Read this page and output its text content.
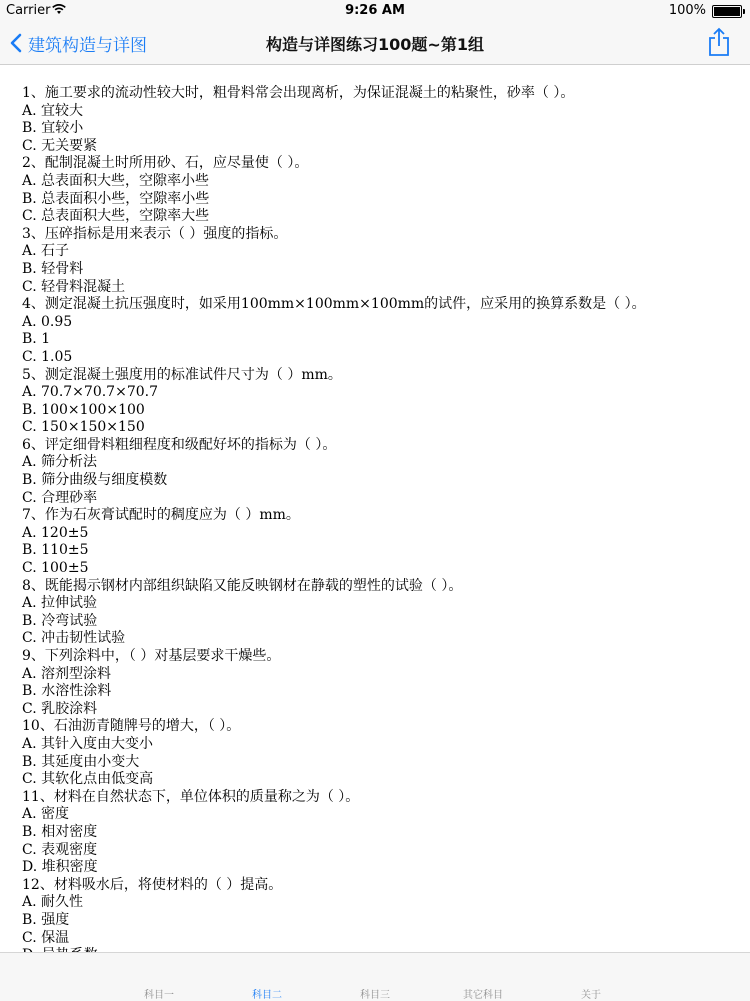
Carrier	9:26 AM	100%
建筑构造与详图	构造与详图练习100题~第1组
1、施工要求的流动性较大时，粗骨料常会出现离析，为保证混凝土的粘聚性，砂率（ ）。
A. 宜较大
B. 宜较小
C. 无关要紧
2、配制混凝土时所用砂、石，应尽量使（ ）。
A. 总表面积大些，空隙率小些
B. 总表面积小些，空隙率小些
C. 总表面积大些，空隙率大些
3、压碎指标是用来表示（ ）强度的指标。
A. 石子
B. 轻骨料
C. 轻骨料混凝土
4、测定混凝土抗压强度时，如采用100mm×100mm×100mm的试件，应采用的换算系数是（ ）。
A. 0.95
B. 1
C. 1.05
5、测定混凝土强度用的标准试件尺寸为（ ）mm。
A. 70.7×70.7×70.7
B. 100×100×100
C. 150×150×150
6、评定细骨料粗细程度和级配好坏的指标为（ ）。
A. 筛分析法
B. 筛分曲级与细度模数
C. 合理砂率
7、作为石灰膏试配时的稠度应为（ ）mm。
A. 120±5
B. 110±5
C. 100±5
8、既能揭示钢材内部组织缺陷又能反映钢材在静载的塑性的试验（ ）。
A. 拉伸试验
B. 冷弯试验
C. 冲击韧性试验
9、下列涂料中，（ ）对基层要求干燥些。
A. 溶剂型涂料
B. 水溶性涂料
C. 乳胶涂料
10、石油沥青随牌号的增大，（ ）。
A. 其针入度由大变小
B. 其延度由小变大
C. 其软化点由低变高
11、材料在自然状态下，单位体积的质量称之为（ ）。
A. 密度
B. 相对密度
C. 表观密度
D. 堆积密度
12、材料吸水后，将使材料的（ ）提高。
A. 耐久性
B. 强度
C. 保温
科目一	科目二	科目三	其它科目	关于
